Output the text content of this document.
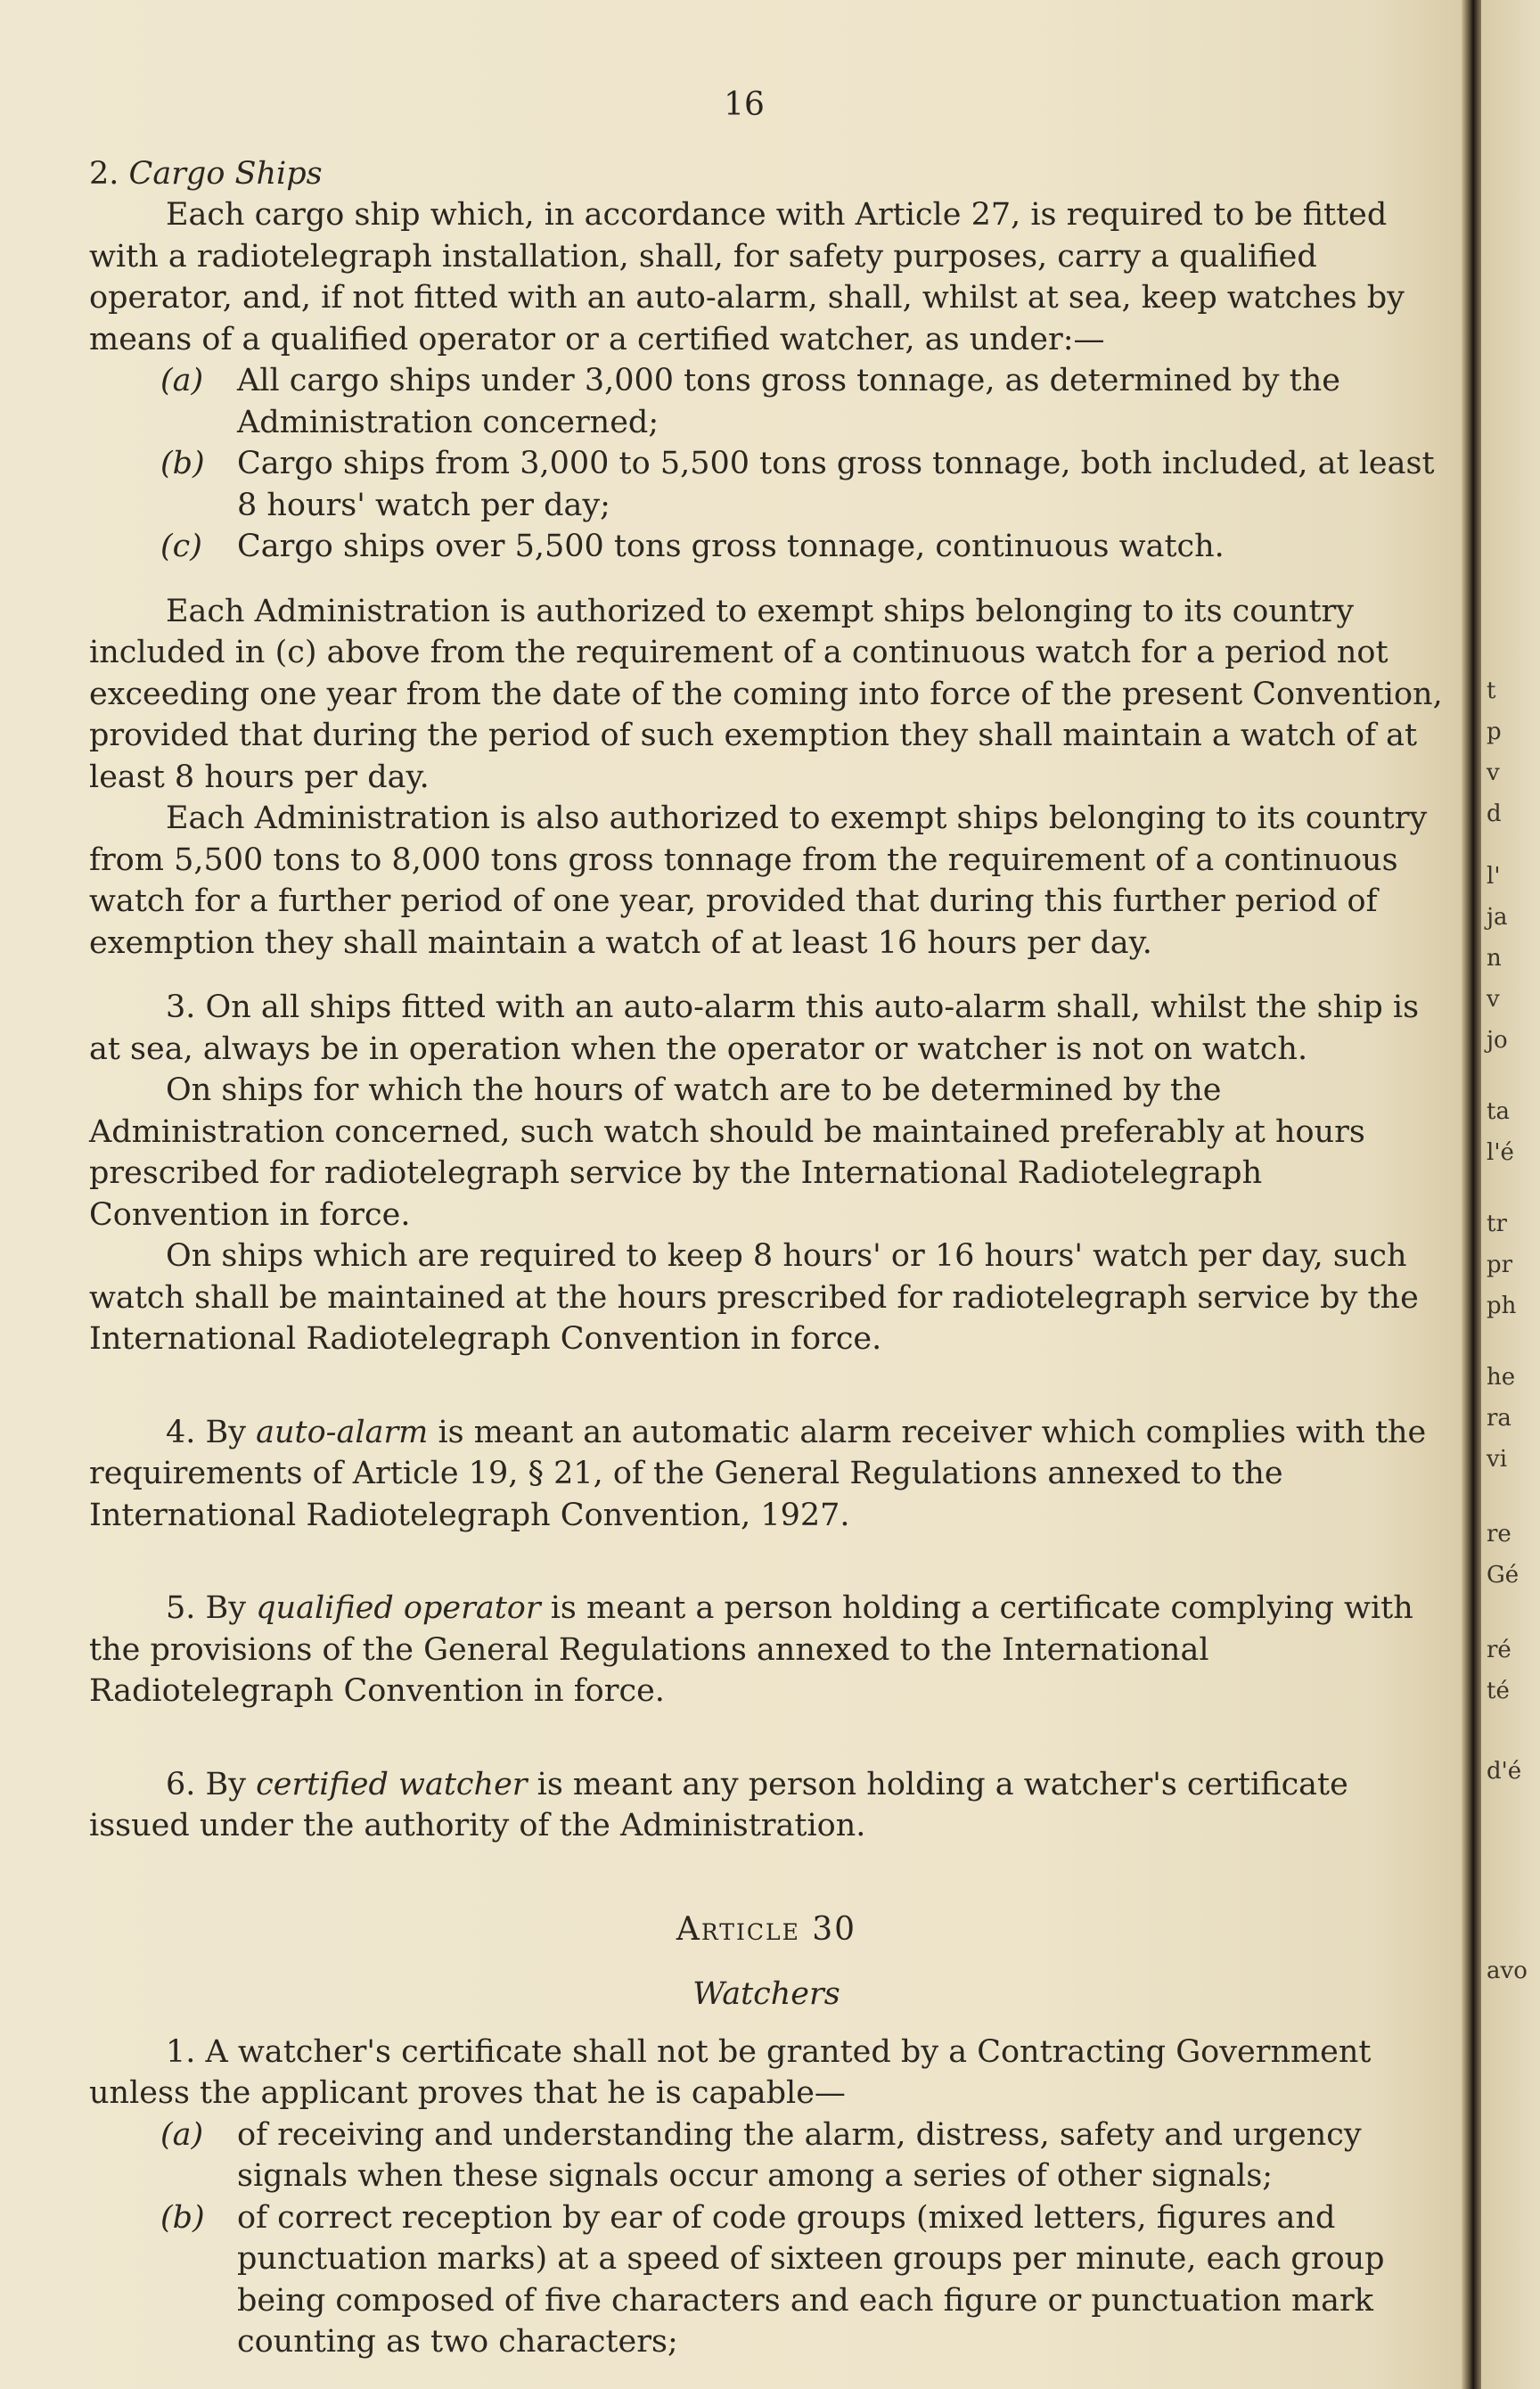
16
2. Cargo Ships

Each cargo ship which, in accordance with Article 27, is required to be fitted with a radiotelegraph installation, shall, for safety purposes, carry a qualified operator, and, if not fitted with an auto-alarm, shall, whilst at sea, keep watches by means of a qualified operator or a certified watcher, as under:—

(a)	All cargo ships under 3,000 tons gross tonnage, as determined by the Administration concerned;
(b)	Cargo ships from 3,000 to 5,500 tons gross tonnage, both included, at least 8 hours' watch per day;
(c)	Cargo ships over 5,500 tons gross tonnage, continuous watch.

Each Administration is authorized to exempt ships belonging to its country included in (c) above from the requirement of a continuous watch for a period not exceeding one year from the date of the coming into force of the present Convention, provided that during the period of such exemption they shall maintain a watch of at least 8 hours per day.

Each Administration is also authorized to exempt ships belonging to its country from 5,500 tons to 8,000 tons gross tonnage from the requirement of a continuous watch for a further period of one year, provided that during this further period of exemption they shall maintain a watch of at least 16 hours per day.

3. On all ships fitted with an auto-alarm this auto-alarm shall, whilst the ship is at sea, always be in operation when the operator or watcher is not on watch.

On ships for which the hours of watch are to be determined by the Administration concerned, such watch should be maintained preferably at hours prescribed for radiotelegraph service by the International Radiotelegraph Convention in force.

On ships which are required to keep 8 hours' or 16 hours' watch per day, such watch shall be maintained at the hours prescribed for radiotelegraph service by the International Radiotelegraph Convention in force.

4. By auto-alarm is meant an automatic alarm receiver which complies with the requirements of Article 19, § 21, of the General Regulations annexed to the International Radiotelegraph Convention, 1927.

5. By qualified operator is meant a person holding a certificate complying with the provisions of the General Regulations annexed to the International Radiotelegraph Convention in force.

6. By certified watcher is meant any person holding a watcher's certificate issued under the authority of the Administration.

Article 30
Watchers

1. A watcher's certificate shall not be granted by a Contracting Government unless the applicant proves that he is capable—

(a)	of receiving and understanding the alarm, distress, safety and urgency signals when these signals occur among a series of other signals;
(b)	of correct reception by ear of code groups (mixed letters, figures and punctuation marks) at a speed of sixteen groups per minute, each group being composed of five characters and each figure or punctuation mark counting as two characters;
t
p
v
d
l'
ja
n
v
jo
ta
l'é
tr
pr
ph
he
ra
vi
re
Gé
ré
té
d'é
avo
